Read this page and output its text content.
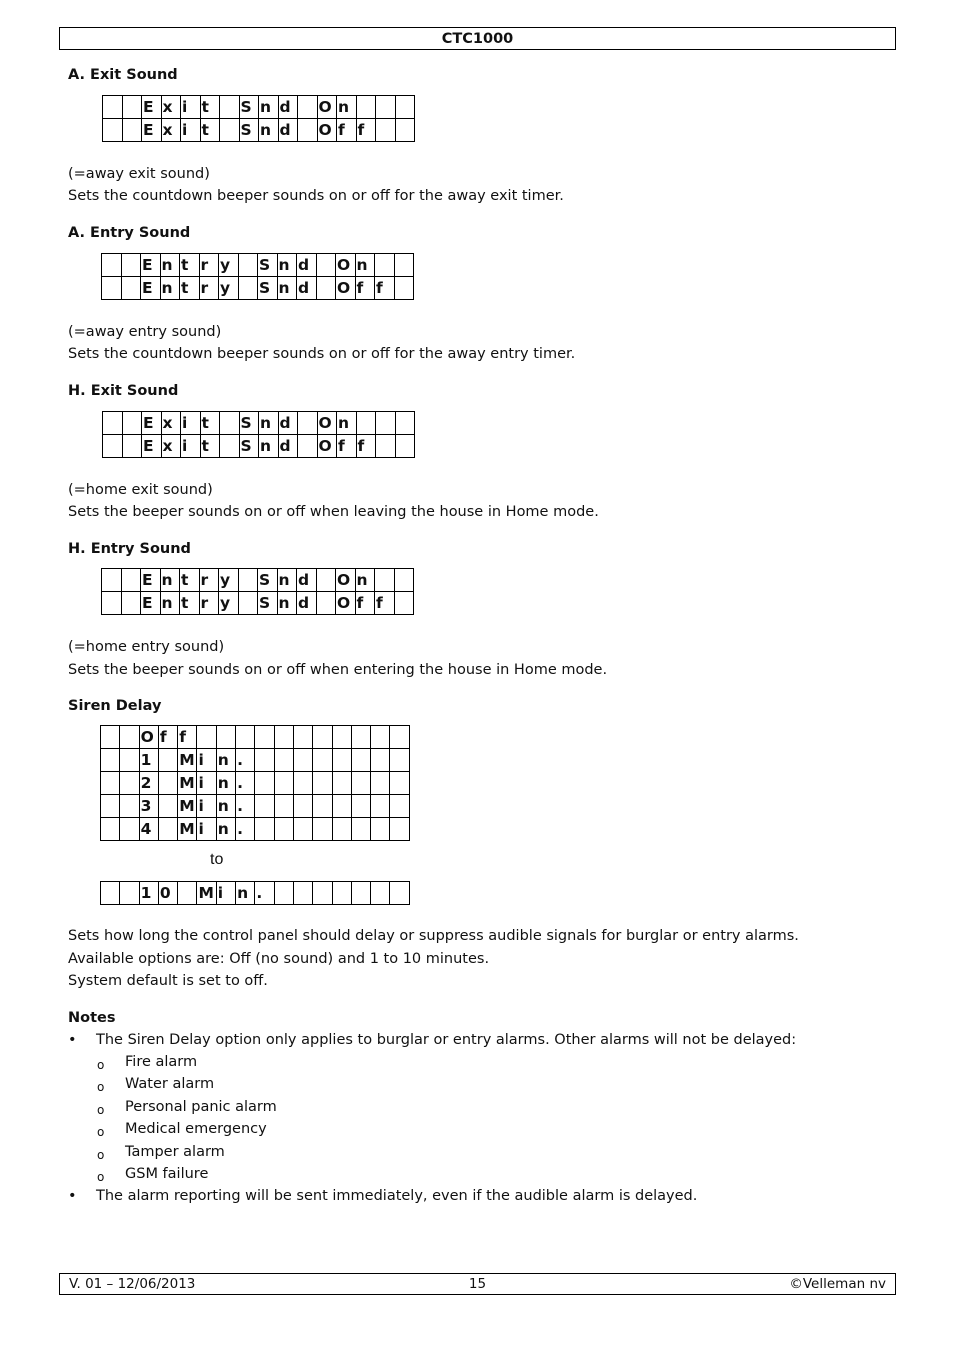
CTC1000
A. Exit Sound
E x i t	S n d	O n
E x i t	S n d	O f f
(=away exit sound)
Sets the countdown beeper sounds on or off for the away exit timer.
A. Entry Sound
E n t r y	S n d	O n
E n t r y	S n d	O f f
(=away entry sound)
Sets the countdown beeper sounds on or off for the away entry timer.
H. Exit Sound
E x i t	S n d	O n
E x i t	S n d	O f f
(=home exit sound)
Sets the beeper sounds on or off when leaving the house in Home mode.
H. Entry Sound
E n t r y	S n d	O n
E n t r y	S n d	O f f
(=home entry sound)
Sets the beeper sounds on or off when entering the house in Home mode.
Siren Delay
O f f
1	M i n .
2	M i n .
3	M i n .
4	M i n .
to
1 0	M i n .
Sets how long the control panel should delay or suppress audible signals for burglar or entry alarms.
Available options are: Off (no sound) and 1 to 10 minutes.
System default is set to off.
Notes
• The Siren Delay option only applies to burglar or entry alarms. Other alarms will not be delayed:
o Fire alarm
o Water alarm
o Personal panic alarm
o Medical emergency
o Tamper alarm
o GSM failure
• The alarm reporting will be sent immediately, even if the audible alarm is delayed.
V. 01 – 12/06/2013	15	©Velleman nv
